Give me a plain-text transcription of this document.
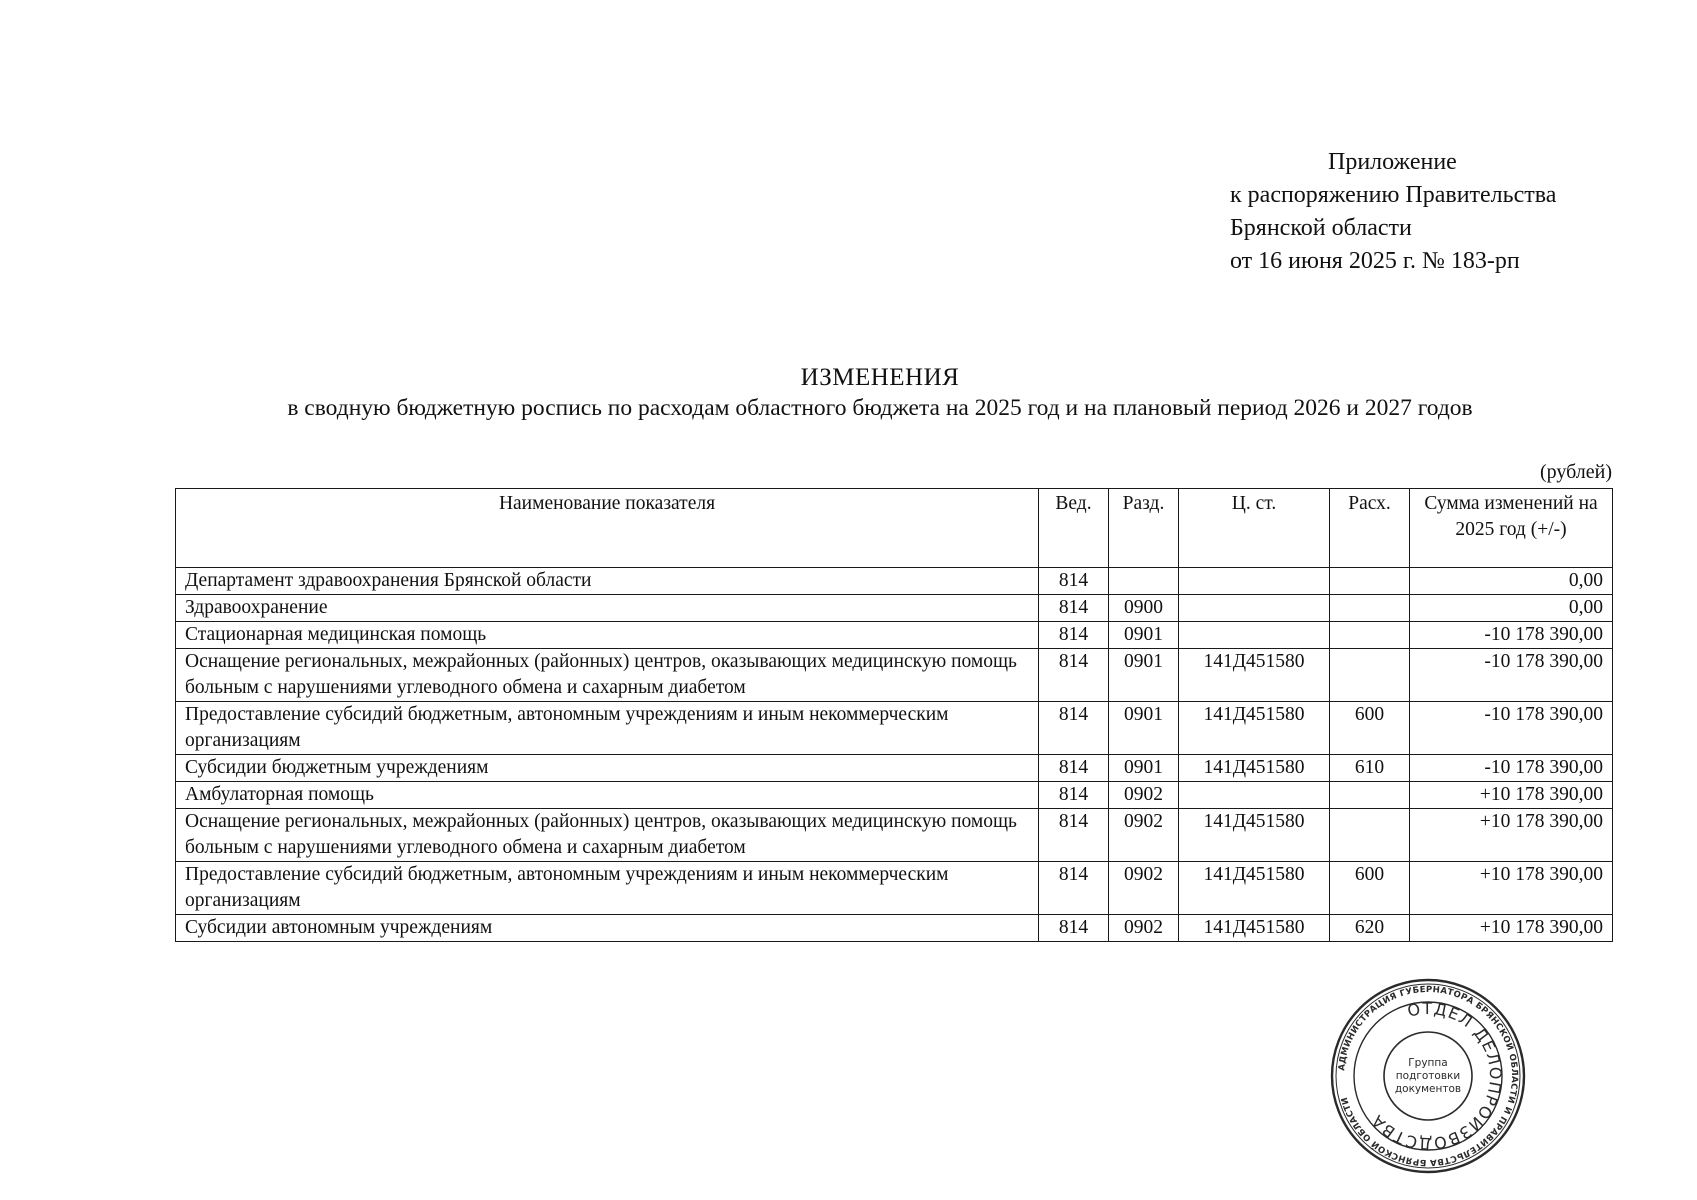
Приложение
к распоряжению Правительства
Брянской области
от 16 июня 2025 г. № 183-рп
ИЗМЕНЕНИЯ
в сводную бюджетную роспись по расходам областного бюджета на 2025 год и на плановый период 2026 и 2027 годов
(рублей)
Наименование показателя	Вед.	Разд.	Ц. ст.	Расх.	Сумма изменений на 2025 год (+/-)
Департамент здравоохранения Брянской области	814				0,00
Здравоохранение	814	0900			0,00
Стационарная медицинская помощь	814	0901			-10 178 390,00
Оснащение региональных, межрайонных (районных) центров, оказывающих медицинскую помощь больным с нарушениями углеводного обмена и сахарным диабетом	814	0901	141Д451580		-10 178 390,00
Предоставление субсидий бюджетным, автономным учреждениям и иным некоммерческим организациям	814	0901	141Д451580	600	-10 178 390,00
Субсидии бюджетным учреждениям	814	0901	141Д451580	610	-10 178 390,00
Амбулаторная помощь	814	0902			+10 178 390,00
Оснащение региональных, межрайонных (районных) центров, оказывающих медицинскую помощь больным с нарушениями углеводного обмена и сахарным диабетом	814	0902	141Д451580		+10 178 390,00
Предоставление субсидий бюджетным, автономным учреждениям и иным некоммерческим организациям	814	0902	141Д451580	600	+10 178 390,00
Субсидии автономным учреждениям	814	0902	141Д451580	620	+10 178 390,00
АДМИНИСТРАЦИЯ ГУБЕРНАТОРА БРЯНСКОЙ ОБЛАСТИ И ПРАВИТЕЛЬСТВА БРЯНСКОЙ ОБЛАСТИ
ОТДЕЛ ДЕЛОПРОИЗВОДСТВА
Группа
подготовки
документов
